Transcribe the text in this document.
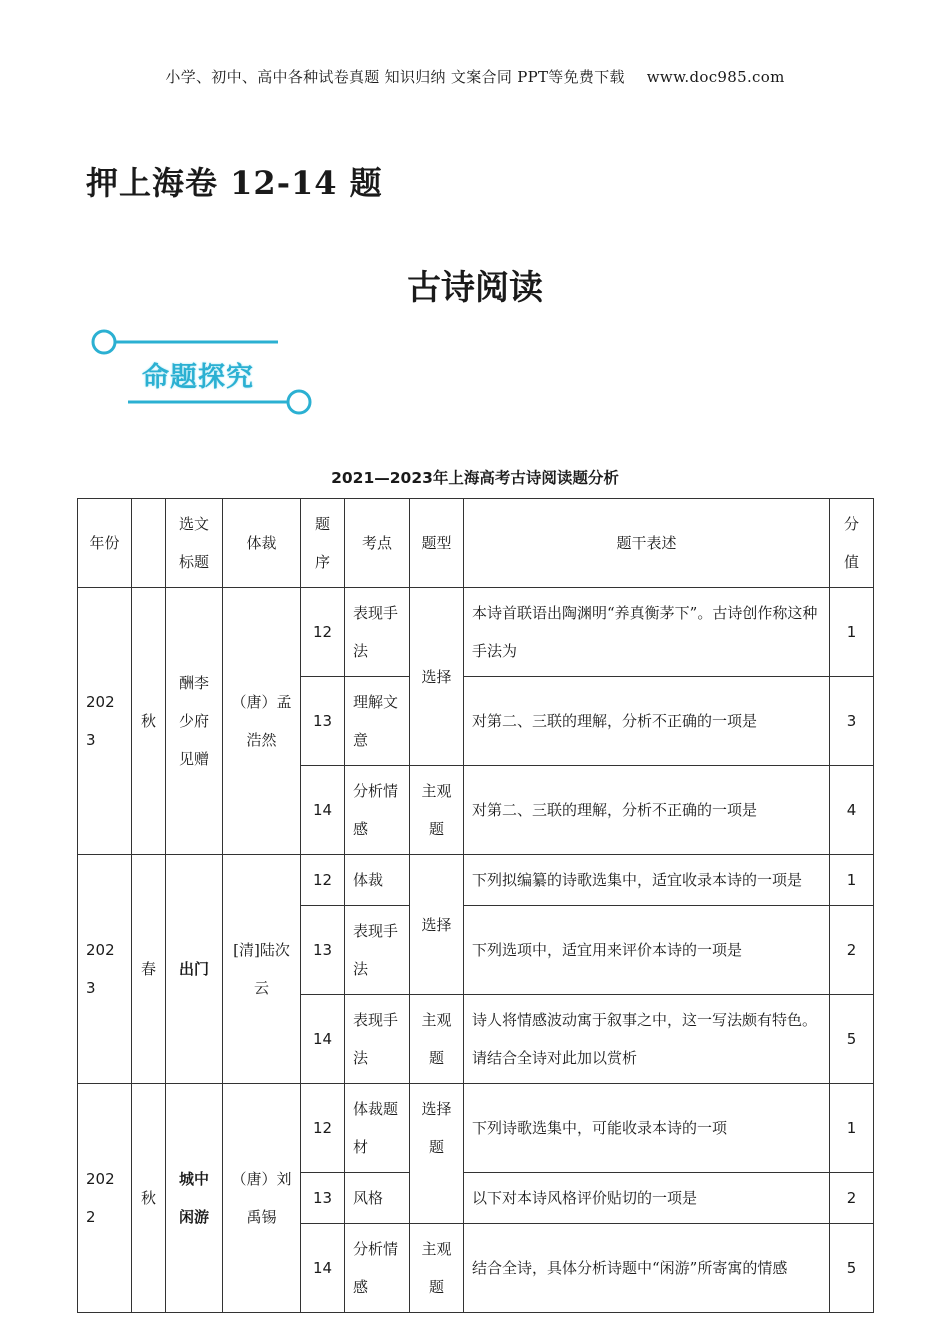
小学、初中、高中各种试卷真题 知识归纳 文案合同 PPT等免费下载 www.doc985.com
押上海卷 12-14 题
古诗阅读
命题探究
2021—2023年上海高考古诗阅读题分析
年份		选文标题	体裁	题序	考点	题型	题干表述	分值
2023	秋	酬李少府见赠	（唐）孟浩然	12	表现手法	选择	本诗首联语出陶渊明“养真衡茅下”。古诗创作称这种手法为	1
				13	理解文意		对第二、三联的理解，分析不正确的一项是	3
				14	分析情感	主观题	对第二、三联的理解，分析不正确的一项是	4
2023	春	出门	[清]陆次云	12	体裁	选择	下列拟编纂的诗歌选集中，适宜收录本诗的一项是	1
				13	表现手法		下列选项中，适宜用来评价本诗的一项是	2
				14	表现手法	主观题	诗人将情感波动寓于叙事之中，这一写法颇有特色。请结合全诗对此加以赏析	5
2022	秋	城中闲游	（唐）刘禹锡	12	体裁题材	选择题	下列诗歌选集中，可能收录本诗的一项	1
				13	风格		以下对本诗风格评价贴切的一项是	2
				14	分析情感	主观题	结合全诗，具体分析诗题中“闲游”所寄寓的情感	5
